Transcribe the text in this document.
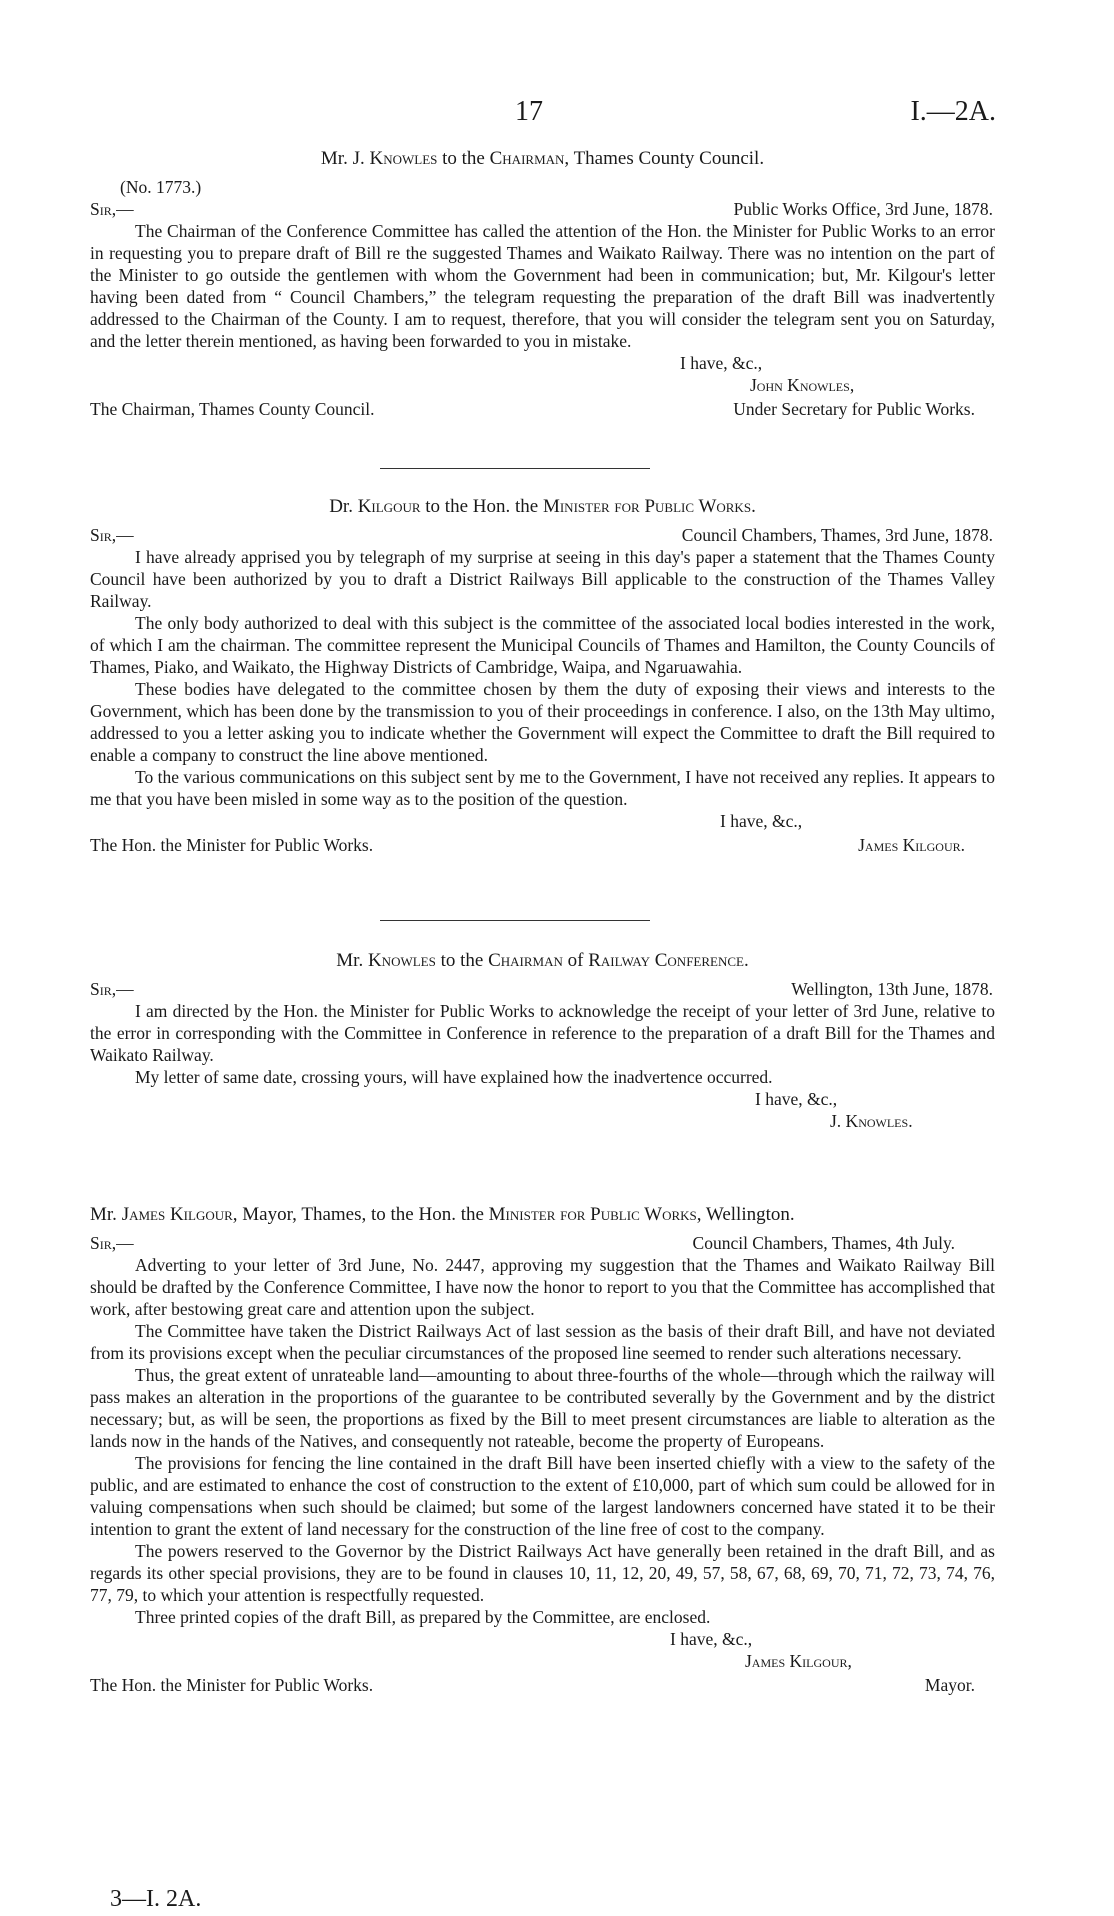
17	I.—2A.
Mr. J. Knowles to the Chairman, Thames County Council.
(No. 1773.)
Sir,—	Public Works Office, 3rd June, 1878.

The Chairman of the Conference Committee has called the attention of the Hon. the Minister for Public Works to an error in requesting you to prepare draft of Bill re the suggested Thames and Waikato Railway. There was no intention on the part of the Minister to go outside the gentlemen with whom the Government had been in communication; but, Mr. Kilgour's letter having been dated from “ Council Chambers,” the telegram requesting the preparation of the draft Bill was inadvertently addressed to the Chairman of the County. I am to request, therefore, that you will consider the telegram sent you on Saturday, and the letter therein mentioned, as having been forwarded to you in mistake.

I have, &c.,
John Knowles,
The Chairman, Thames County Council.	Under Secretary for Public Works.
Dr. Kilgour to the Hon. the Minister for Public Works.
Sir,—	Council Chambers, Thames, 3rd June, 1878.

I have already apprised you by telegraph of my surprise at seeing in this day's paper a statement that the Thames County Council have been authorized by you to draft a District Railways Bill applicable to the construction of the Thames Valley Railway.

The only body authorized to deal with this subject is the committee of the associated local bodies interested in the work, of which I am the chairman. The committee represent the Municipal Councils of Thames and Hamilton, the County Councils of Thames, Piako, and Waikato, the Highway Districts of Cambridge, Waipa, and Ngaruawahia.

These bodies have delegated to the committee chosen by them the duty of exposing their views and interests to the Government, which has been done by the transmission to you of their proceedings in conference. I also, on the 13th May ultimo, addressed to you a letter asking you to indicate whether the Government will expect the Committee to draft the Bill required to enable a company to construct the line above mentioned.

To the various communications on this subject sent by me to the Government, I have not received any replies. It appears to me that you have been misled in some way as to the position of the question.

I have, &c.,
The Hon. the Minister for Public Works.	James Kilgour.
Mr. Knowles to the Chairman of Railway Conference.
Sir,—	Wellington, 13th June, 1878.

I am directed by the Hon. the Minister for Public Works to acknowledge the receipt of your letter of 3rd June, relative to the error in corresponding with the Committee in Conference in reference to the preparation of a draft Bill for the Thames and Waikato Railway.

My letter of same date, crossing yours, will have explained how the inadvertence occurred.

I have, &c.,
J. Knowles.
Mr. James Kilgour, Mayor, Thames, to the Hon. the Minister for Public Works, Wellington.
Sir,—	Council Chambers, Thames, 4th July.

Adverting to your letter of 3rd June, No. 2447, approving my suggestion that the Thames and Waikato Railway Bill should be drafted by the Conference Committee, I have now the honor to report to you that the Committee has accomplished that work, after bestowing great care and attention upon the subject.

The Committee have taken the District Railways Act of last session as the basis of their draft Bill, and have not deviated from its provisions except when the peculiar circumstances of the proposed line seemed to render such alterations necessary.

Thus, the great extent of unrateable land—amounting to about three-fourths of the whole—through which the railway will pass makes an alteration in the proportions of the guarantee to be contributed severally by the Government and by the district necessary; but, as will be seen, the proportions as fixed by the Bill to meet present circumstances are liable to alteration as the lands now in the hands of the Natives, and consequently not rateable, become the property of Europeans.

The provisions for fencing the line contained in the draft Bill have been inserted chiefly with a view to the safety of the public, and are estimated to enhance the cost of construction to the extent of £10,000, part of which sum could be allowed for in valuing compensations when such should be claimed; but some of the largest landowners concerned have stated it to be their intention to grant the extent of land necessary for the construction of the line free of cost to the company.

The powers reserved to the Governor by the District Railways Act have generally been retained in the draft Bill, and as regards its other special provisions, they are to be found in clauses 10, 11, 12, 20, 49, 57, 58, 67, 68, 69, 70, 71, 72, 73, 74, 76, 77, 79, to which your attention is respectfully requested.

Three printed copies of the draft Bill, as prepared by the Committee, are enclosed.

I have, &c.,
James Kilgour,
The Hon. the Minister for Public Works.	Mayor.
3—I. 2A.
